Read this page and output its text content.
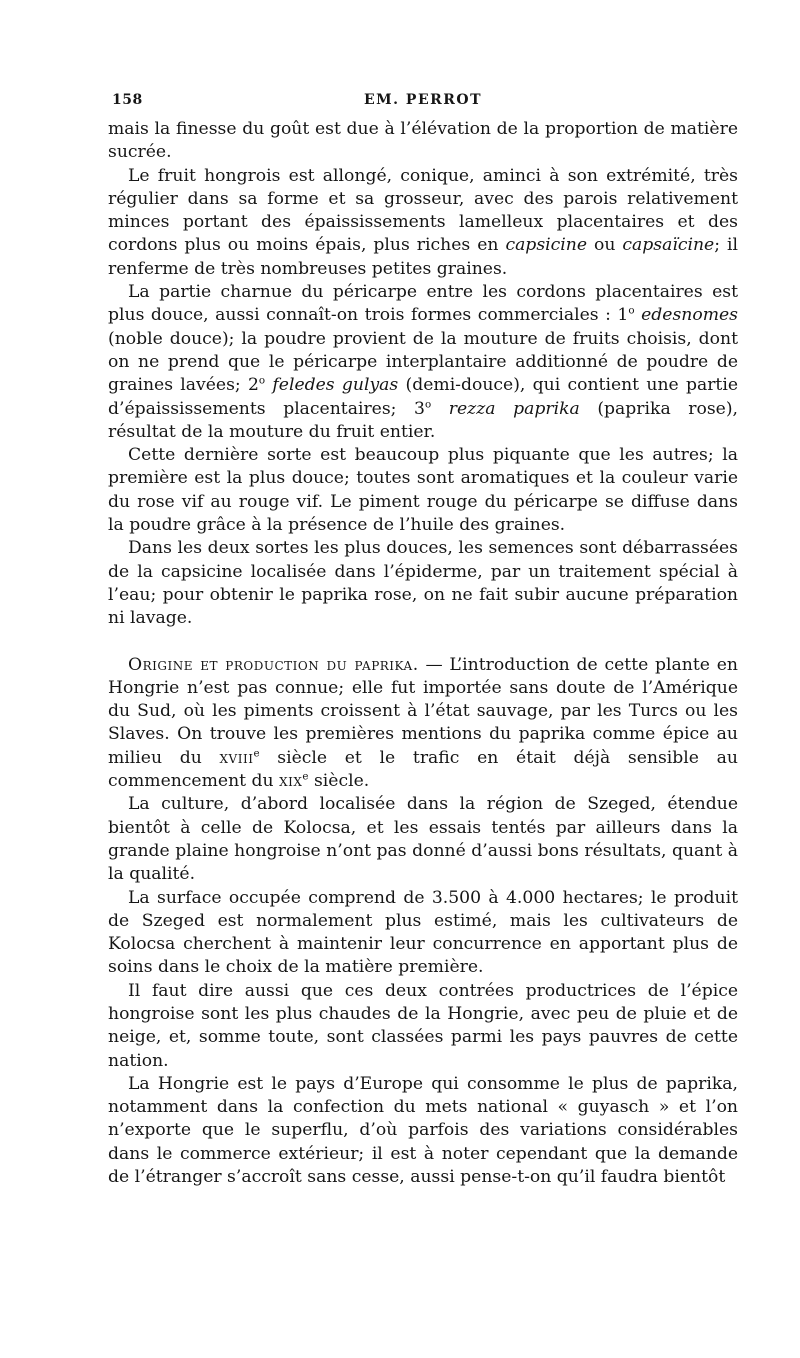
158	EM. PERROT

mais la finesse du goût est due à l’élévation de la proportion de matière sucrée.

Le fruit hongrois est allongé, conique, aminci à son extrémité, très régulier dans sa forme et sa grosseur, avec des parois relativement minces portant des épaississements lamelleux placentaires et des cordons plus ou moins épais, plus riches en capsicine ou capsaïcine; il renferme de très nombreuses petites graines.

La partie charnue du péricarpe entre les cordons placentaires est plus douce, aussi connaît-on trois formes commerciales : 1$^o$ edesnomes (noble douce); la poudre provient de la mouture de fruits choisis, dont on ne prend que le péricarpe interplantaire additionné de poudre de graines lavées; 2$^o$ feledes gulyas (demi-douce), qui contient une partie d’épaississements placentaires; 3$^o$ rezza paprika (paprika rose), résultat de la mouture du fruit entier.

Cette dernière sorte est beaucoup plus piquante que les autres; la première est la plus douce; toutes sont aromatiques et la couleur varie du rose vif au rouge vif. Le piment rouge du péricarpe se diffuse dans la poudre grâce à la présence de l’huile des graines.

Dans les deux sortes les plus douces, les semences sont débarrassées de la capsicine localisée dans l’épiderme, par un traitement spécial à l’eau; pour obtenir le paprika rose, on ne fait subir aucune préparation ni lavage.

Origine et production du paprika. — L’introduction de cette plante en Hongrie n’est pas connue; elle fut importée sans doute de l’Amérique du Sud, où les piments croissent à l’état sauvage, par les Turcs ou les Slaves. On trouve les premières mentions du paprika comme épice au milieu du xviii$^e$ siècle et le trafic en était déjà sensible au commencement du xix$^e$ siècle.

La culture, d’abord localisée dans la région de Szeged, étendue bientôt à celle de Kolocsa, et les essais tentés par ailleurs dans la grande plaine hongroise n’ont pas donné d’aussi bons résultats, quant à la qualité.

La surface occupée comprend de 3.500 à 4.000 hectares; le produit de Szeged est normalement plus estimé, mais les cultivateurs de Kolocsa cherchent à maintenir leur concurrence en apportant plus de soins dans le choix de la matière première.

Il faut dire aussi que ces deux contrées productrices de l’épice hongroise sont les plus chaudes de la Hongrie, avec peu de pluie et de neige, et, somme toute, sont classées parmi les pays pauvres de cette nation.

La Hongrie est le pays d’Europe qui consomme le plus de paprika, notamment dans la confection du mets national « guyasch » et l’on n’exporte que le superflu, d’où parfois des variations considérables dans le commerce extérieur; il est à noter cependant que la demande de l’étranger s’accroît sans cesse, aussi pense-t-on qu’il faudra bientôt
